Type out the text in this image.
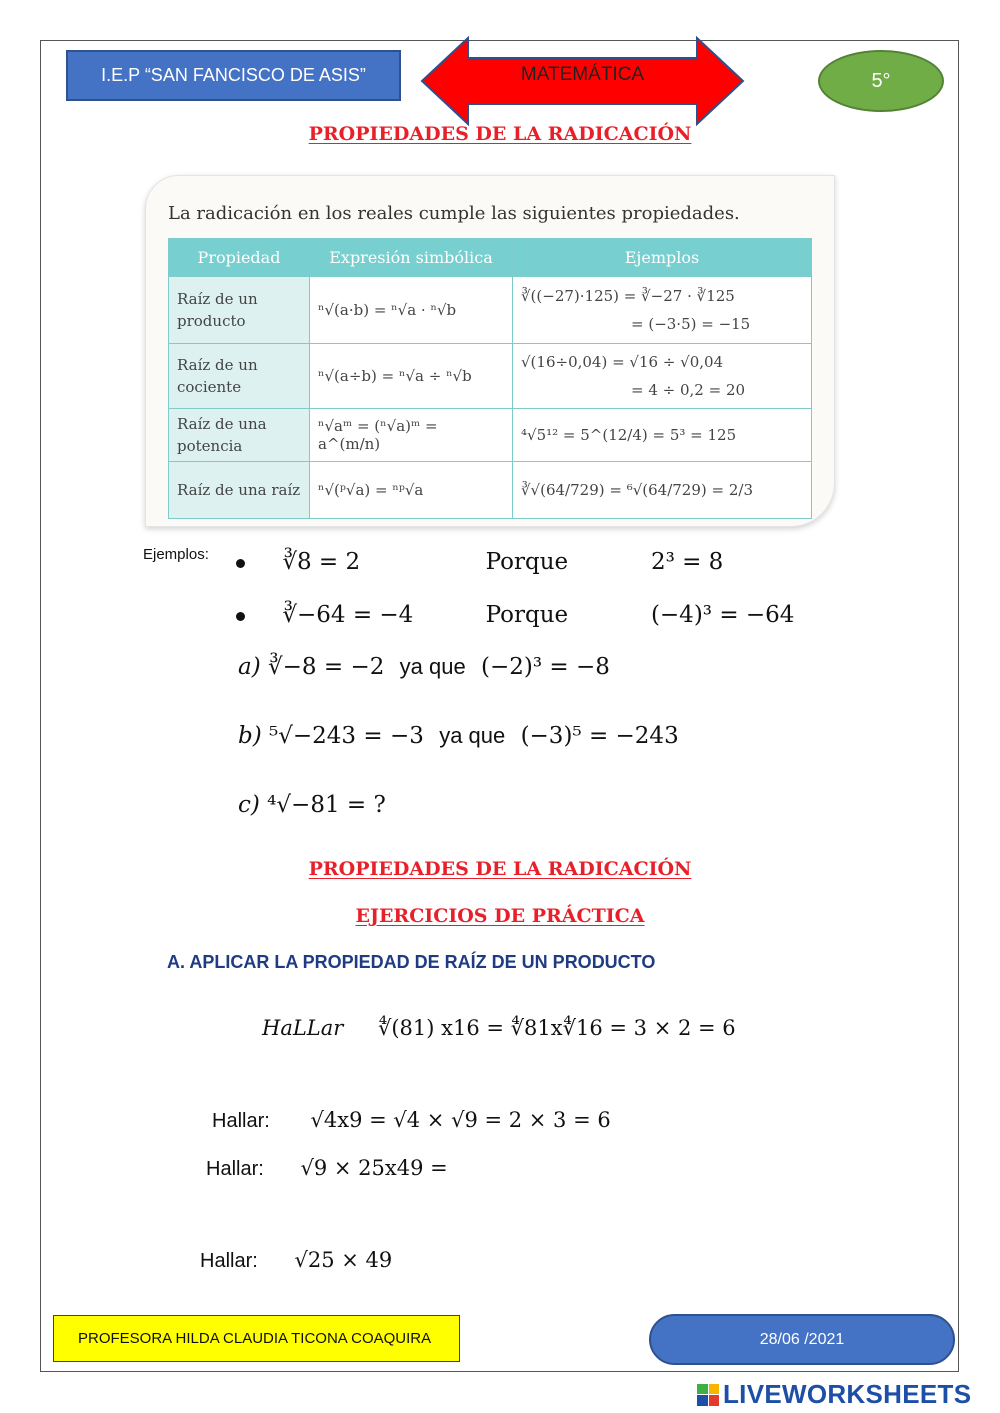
I.E.P “SAN FANCISCO DE ASIS”	MATEMÁTICA	5°
PROPIEDADES DE LA RADICACIÓN
La radicación en los reales cumple las siguientes propiedades.
Propiedad	Expresión simbólica	Ejemplos
Raíz de un producto	ⁿ√(a·b) = ⁿ√a · ⁿ√b	∛((−27)·125) = ∛−27 · ∛125
= (−3·5) = −15

Raíz de un cociente	ⁿ√(a÷b) = ⁿ√a ÷ ⁿ√b	√(16÷0,04) = √16 ÷ √0,04
= 4 ÷ 0,2 = 20

Raíz de una potencia	ⁿ√aᵐ = (ⁿ√a)ᵐ = a^(m/n)	⁴√5¹² = 5^(12/4) = 5³ = 125

Raíz de una raíz	ⁿ√(ᵖ√a) = ⁿᵖ√a	∛√(64/729) = ⁶√(64/729) = 2/3
Ejemplos:	∛8 = 2	Porque	2³ = 8
∛−64 = −4	Porque	(−4)³ = −64
a) ∛−8 = −2 ya que (−2)³ = −8
b) ⁵√−243 = −3 ya que (−3)⁵ = −243
c) ⁴√−81 = ?
PROPIEDADES DE LA RADICACIÓN
EJERCICIOS DE PRÁCTICA
A. APLICAR LA PROPIEDAD DE RAÍZ DE UN PRODUCTO
HaLLar ∜(81) x16 = ∜81x∜16 = 3 × 2 = 6
Hallar: √4x9 = √4 × √9 = 2 × 3 = 6
Hallar: √9 × 25x49 =
Hallar: √25 × 49
PROFESORA HILDA CLAUDIA TICONA COAQUIRA	28/06 /2021
LIVEWORKSHEETS
